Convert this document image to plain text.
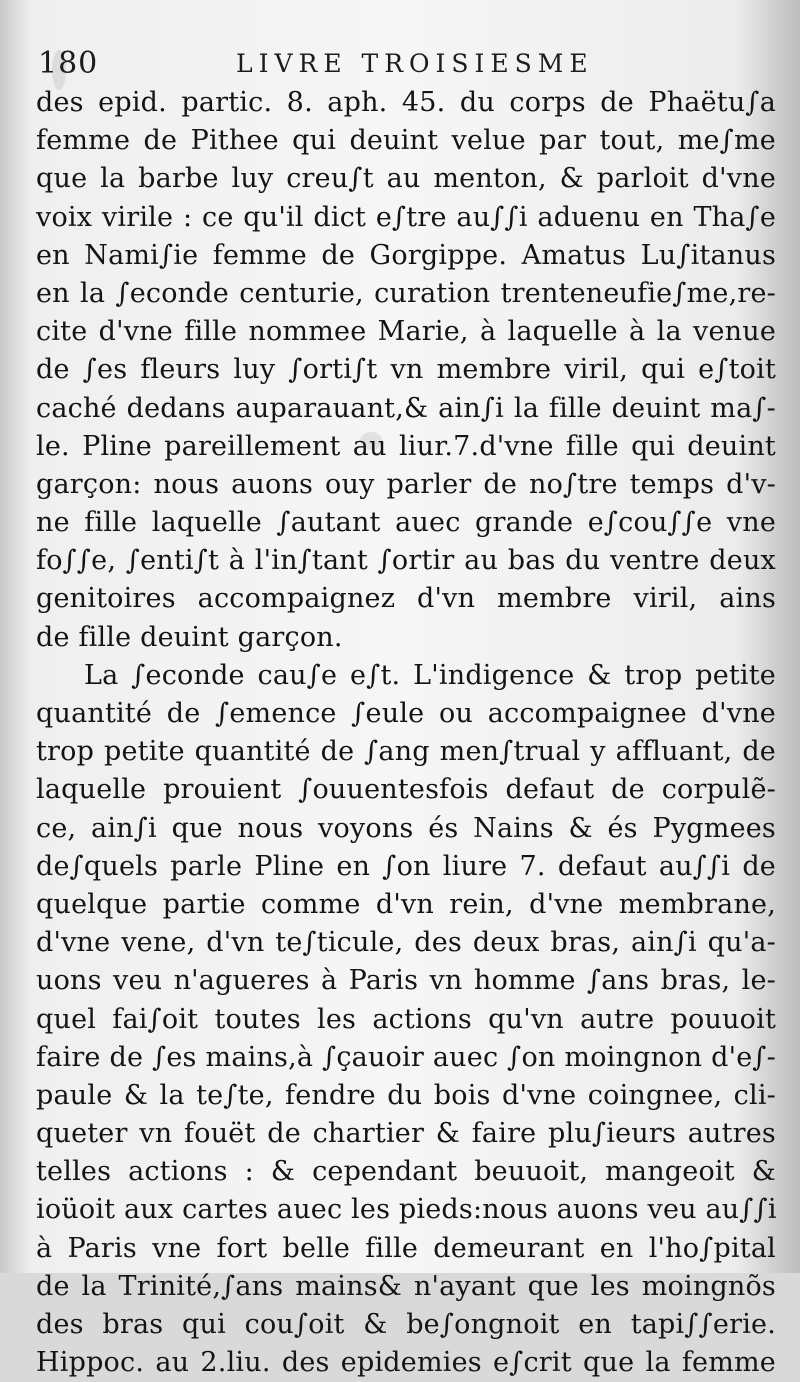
180	LIVRE TROISIESME
des epid. partic. 8. aph. 45. du corps de Phaëtu∫a
femme de Pithee qui deuint velue par tout, me∫me
que la barbe luy creu∫t au menton, & parloit d'vne
voix virile : ce qu'il dict e∫tre au∫∫i aduenu en Tha∫e
en Nami∫ie femme de Gorgippe. Amatus Lu∫itanus
en la ∫econde centurie, curation trenteneufie∫me,re-
cite d'vne fille nommee Marie, à laquelle à la venue
de ∫es fleurs luy ∫orti∫t vn membre viril, qui e∫toit
caché dedans auparauant,& ain∫i la fille deuint ma∫-
le. Pline pareillement au liur.7.d'vne fille qui deuint
garçon: nous auons ouy parler de no∫tre temps d'v-
ne fille laquelle ∫autant auec grande e∫cou∫∫e vne
fo∫∫e, ∫enti∫t à l'in∫tant ∫ortir au bas du ventre deux
genitoires accompaignez d'vn membre viril, ains
de fille deuint garçon.
La ∫econde cau∫e e∫t. L'indigence & trop petite
quantité de ∫emence ∫eule ou accompaignee d'vne
trop petite quantité de ∫ang men∫trual y affluant, de
laquelle prouient ∫ouuentesfois defaut de corpulẽ-
ce, ain∫i que nous voyons és Nains & és Pygmees
de∫quels parle Pline en ∫on liure 7. defaut au∫∫i de
quelque partie comme d'vn rein, d'vne membrane,
d'vne vene, d'vn te∫ticule, des deux bras, ain∫i qu'a-
uons veu n'agueres à Paris vn homme ∫ans bras, le-
quel fai∫oit toutes les actions qu'vn autre pouuoit
faire de ∫es mains,à ∫çauoir auec ∫on moingnon d'e∫-
paule & la te∫te, fendre du bois d'vne coingnee, cli-
queter vn fouët de chartier & faire plu∫ieurs autres
telles actions : & cependant beuuoit, mangeoit &
ioüoit aux cartes auec les pieds:nous auons veu au∫∫i
à Paris vne fort belle fille demeurant en l'ho∫pital
de la Trinité,∫ans mains& n'ayant que les moingnõs
des bras qui cou∫oit & be∫ongnoit en tapi∫∫erie.
Hippoc. au 2.liu. des epidemies e∫crit que la femme
